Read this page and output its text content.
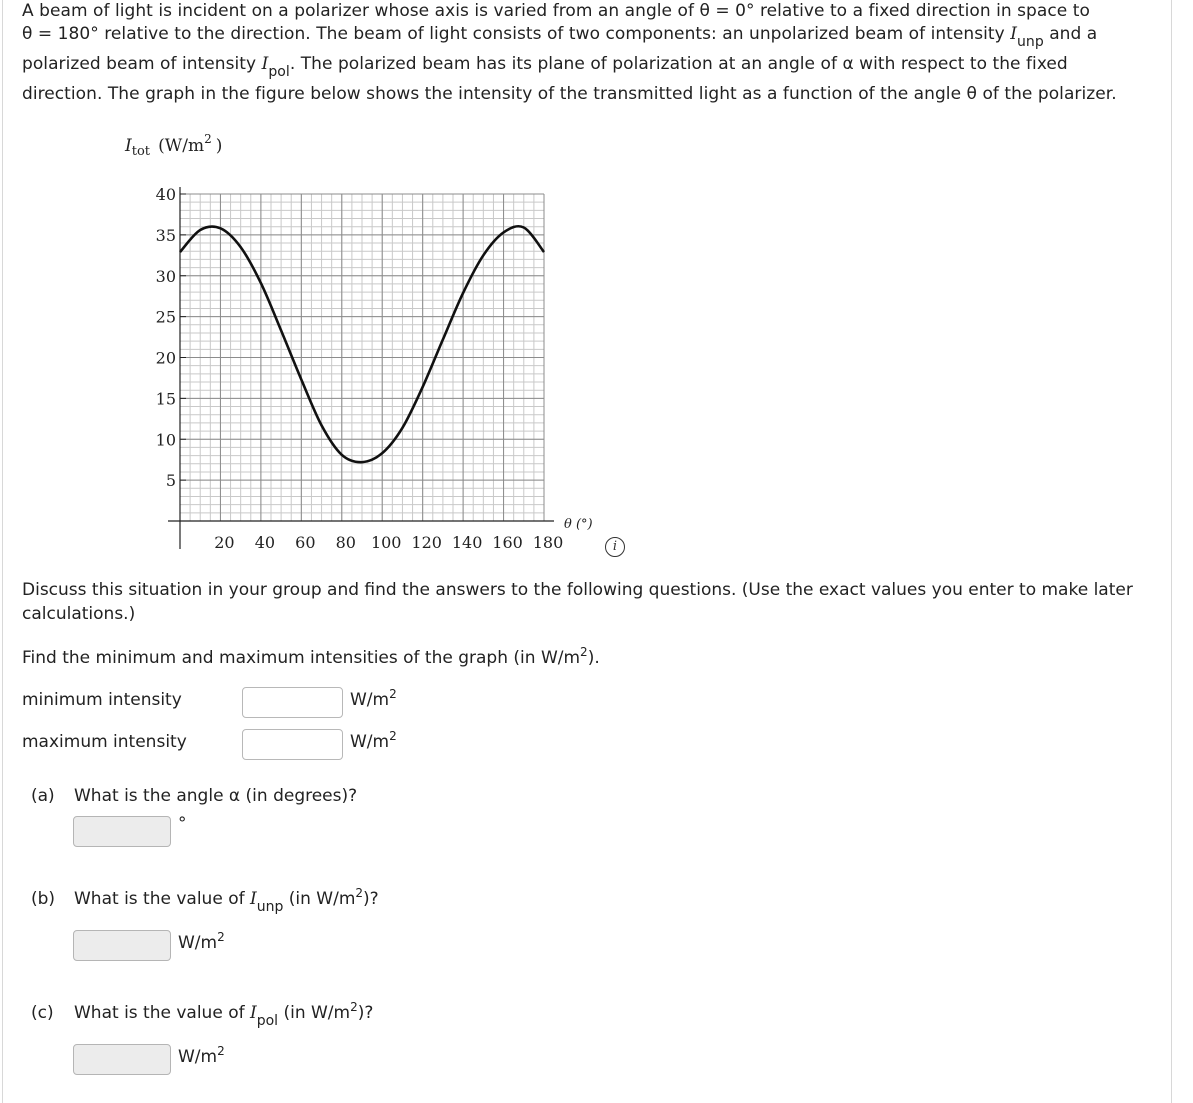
A beam of light is incident on a polarizer whose axis is varied from an angle of θ = 0° relative to a fixed direction in space to
θ = 180° relative to the direction. The beam of light consists of two components: an unpolarized beam of intensity $I_{unp}$ and a
polarized beam of intensity $I_{pol}$. The polarized beam has its plane of polarization at an angle of α with respect to the fixed
direction. The graph in the figure below shows the intensity of the transmitted light as a function of the angle θ of the polarizer.
5
10
15
20
25
30
35
40
20 40 60 80 100 120 140 160 180
θ (°)
$I_{tot}$ ($W/m^2$ )
i
Discuss this situation in your group and find the answers to the following questions. (Use the exact values you enter to make later
calculations.)
Find the minimum and maximum intensities of the graph (in $W/m^2$).
minimum intensity	$W/m^2$
maximum intensity	$W/m^2$
(a) What is the angle α (in degrees)?
°
(b) What is the value of $I_{unp}$ (in $W/m^2$)?
$W/m^2$
(c) What is the value of $I_{pol}$ (in $W/m^2$)?
$W/m^2$
